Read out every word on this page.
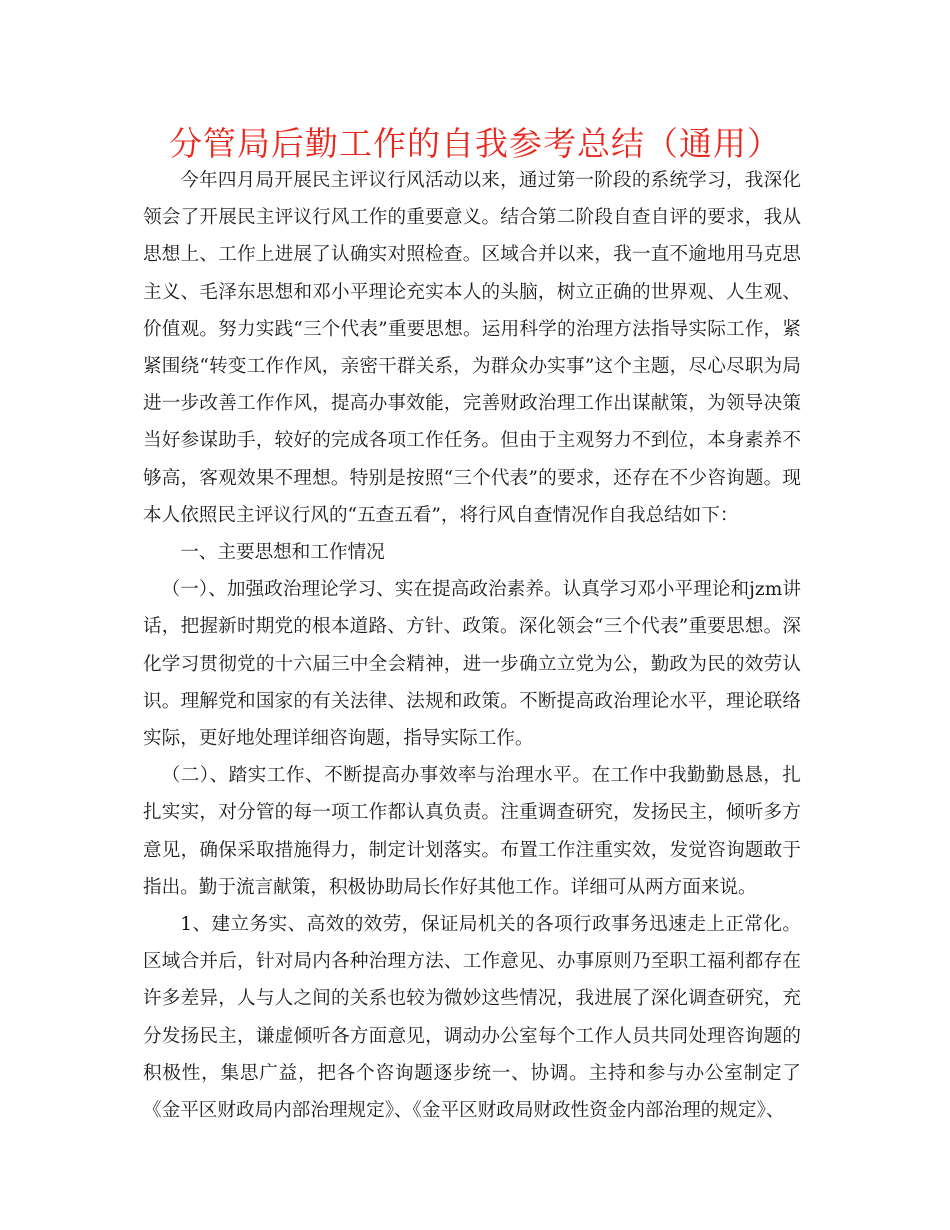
分管局后勤工作的自我参考总结（通用）

今年四月局开展民主评议行风活动以来，通过第一阶段的系统学习，我深化领会了开展民主评议行风工作的重要意义。结合第二阶段自查自评的要求，我从思想上、工作上进展了认确实对照检查。区域合并以来，我一直不逾地用马克思主义、毛泽东思想和邓小平理论充实本人的头脑，树立正确的世界观、人生观、价值观。努力实践“三个代表”重要思想。运用科学的治理方法指导实际工作，紧紧围绕“转变工作作风，亲密干群关系，为群众办实事”这个主题，尽心尽职为局进一步改善工作作风，提高办事效能，完善财政治理工作出谋献策，为领导决策当好参谋助手，较好的完成各项工作任务。但由于主观努力不到位，本身素养不够高，客观效果不理想。特别是按照“三个代表”的要求，还存在不少咨询题。现本人依照民主评议行风的“五查五看”，将行风自查情况作自我总结如下：

一、主要思想和工作情况

（一）、加强政治理论学习、实在提高政治素养。认真学习邓小平理论和jzm讲话，把握新时期党的根本道路、方针、政策。深化领会“三个代表”重要思想。深化学习贯彻党的十六届三中全会精神，进一步确立立党为公，勤政为民的效劳认识。理解党和国家的有关法律、法规和政策。不断提高政治理论水平，理论联络实际，更好地处理详细咨询题，指导实际工作。

（二）、踏实工作、不断提高办事效率与治理水平。在工作中我勤勤恳恳，扎扎实实，对分管的每一项工作都认真负责。注重调查研究，发扬民主，倾听多方意见，确保采取措施得力，制定计划落实。布置工作注重实效，发觉咨询题敢于指出。勤于流言献策，积极协助局长作好其他工作。详细可从两方面来说。

1、建立务实、高效的效劳，保证局机关的各项行政事务迅速走上正常化。区域合并后，针对局内各种治理方法、工作意见、办事原则乃至职工福利都存在许多差异，人与人之间的关系也较为微妙这些情况，我进展了深化调查研究，充分发扬民主，谦虚倾听各方面意见，调动办公室每个工作人员共同处理咨询题的积极性，集思广益，把各个咨询题逐步统一、协调。主持和参与办公室制定了《金平区财政局内部治理规定》、《金平区财政局财政性资金内部治理的规定》、
